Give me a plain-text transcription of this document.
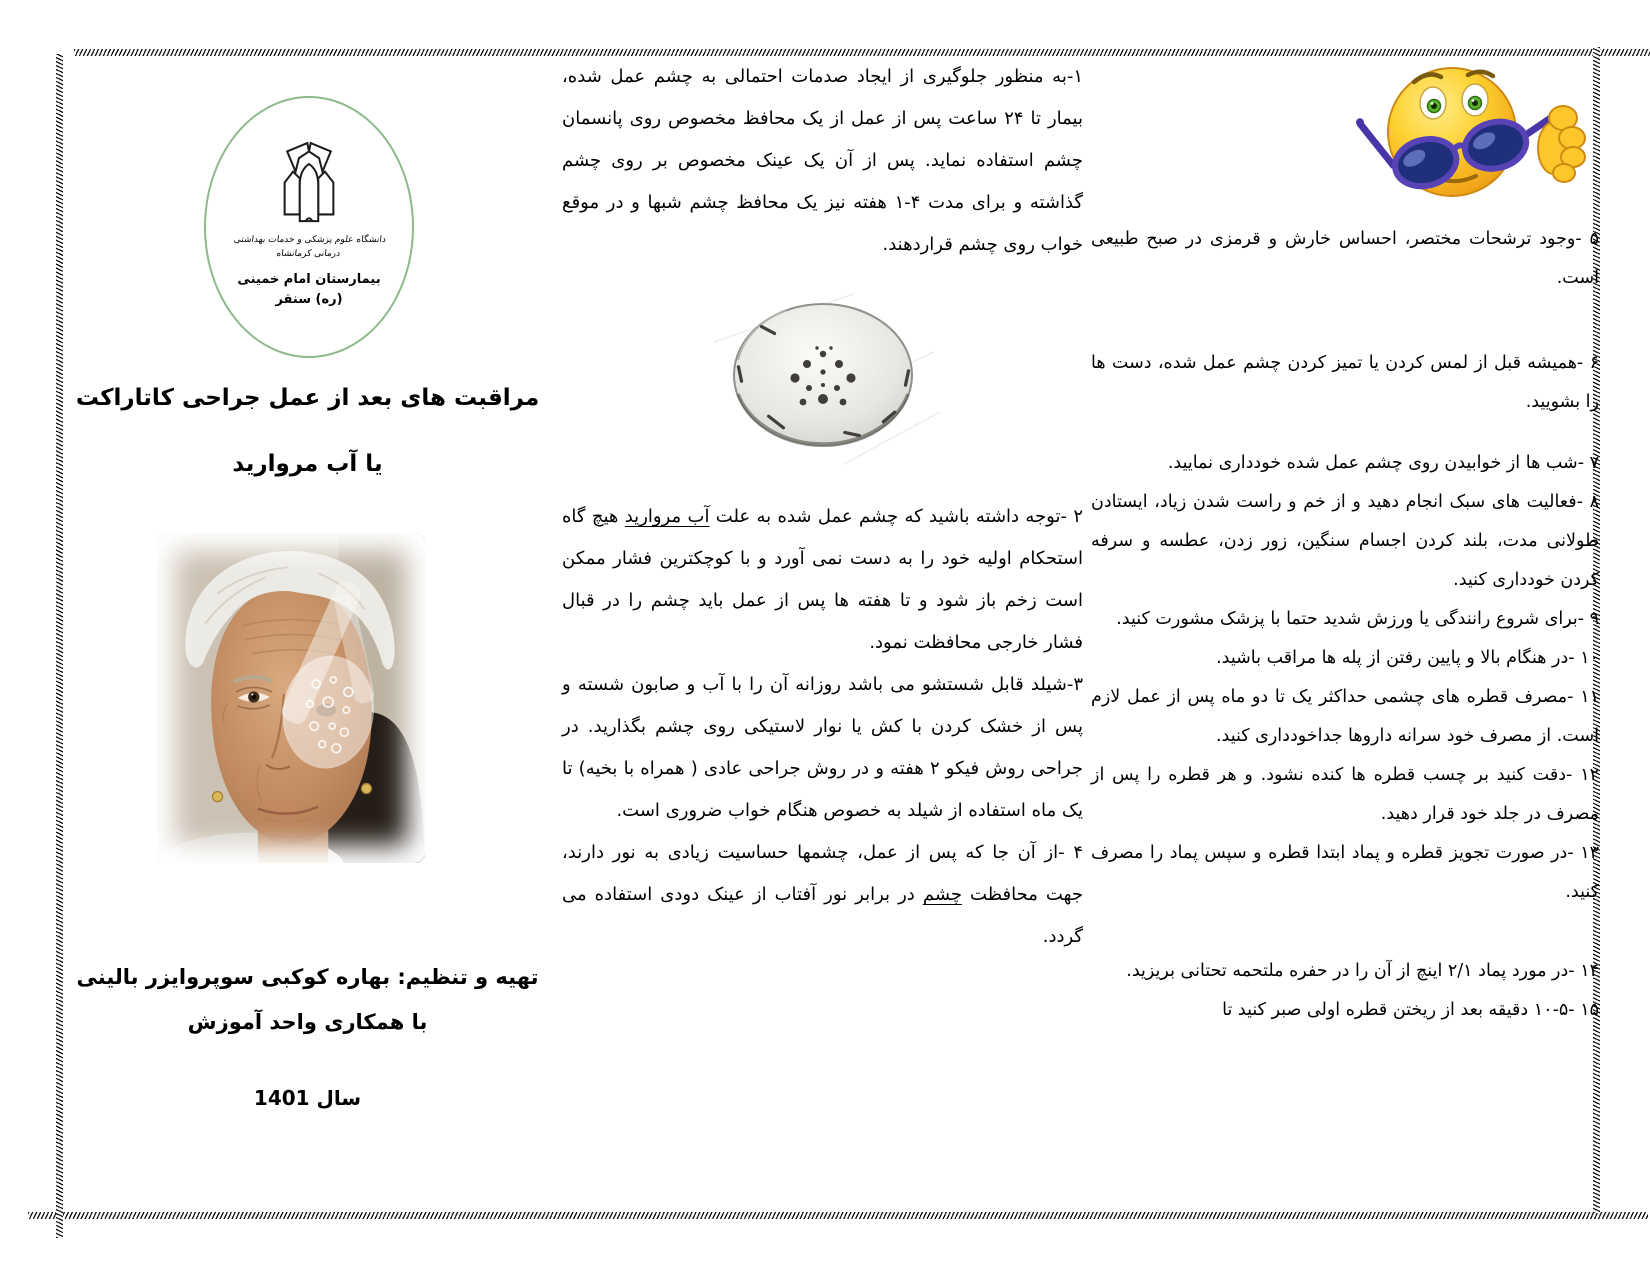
دانشگاه علوم پزشکی و خدمات بهداشتی درمانی کرمانشاه
بیمارستان امام خمینی
(ره) سنقر
مراقبت های بعد از عمل جراحی کاتاراکت
یا آب مروارید
تهیه و تنظیم: بهاره کوکبی سوپروایزر بالینی
با همکاری واحد آموزش
سال 1401

۱-به منظور جلوگیری از ایجاد صدمات احتمالی به چشم عمل شده، بیمار تا ۲۴ ساعت پس از عمل از یک محافظ مخصوص روی پانسمان چشم استفاده نماید. پس از آن یک عینک مخصوص بر روی چشم گذاشته و برای مدت ۴-۱ هفته نیز یک محافظ چشم شبها و در موقع خواب روی چشم قراردهند.

۲ -توجه داشته باشید که چشم عمل شده به علت آب مروارید هیچ گاه استحکام اولیه خود را به دست نمی آورد و با کوچکترین فشار ممکن است زخم باز شود و تا هفته ها پس از عمل باید چشم را در قبال فشار خارجی محافظت نمود.

۳-شیلد قابل شستشو می باشد روزانه آن را با آب و صابون شسته و پس از خشک کردن با کش یا نوار لاستیکی روی چشم بگذارید. در جراحی روش فیکو ۲ هفته و در روش جراحی عادی ( همراه با بخیه) تا یک ماه استفاده از شیلد به خصوص هنگام خواب ضروری است.

۴ -از آن جا که پس از عمل، چشمها حساسیت زیادی به نور دارند، جهت محافظت چشم در برابر نور آفتاب از عینک دودی استفاده می گردد.

۵ -وجود ترشحات مختصر، احساس خارش و قرمزی در صبح طبیعی است.

۶ -همیشه قبل از لمس کردن یا تمیز کردن چشم عمل شده، دست ها را بشویید.

۷ -شب ها از خوابیدن روی چشم عمل شده خودداری نمایید.

۸ -فعالیت های سبک انجام دهید و از خم و راست شدن زیاد، ایستادن طولانی مدت، بلند کردن اجسام سنگین، زور زدن، عطسه و سرفه کردن خودداری کنید.

۹ -برای شروع رانندگی یا ورزش شدید حتما با پزشک مشورت کنید.

۱۰ -در هنگام بالا و پایین رفتن از پله ها مراقب باشید.

۱۱ -مصرف قطره های چشمی حداکثر یک تا دو ماه پس از عمل لازم است. از مصرف خود سرانه داروها جداخودداری کنید.

۱۲ -دقت کنید بر چسب قطره ها کنده نشود. و هر قطره را پس از مصرف در جلد خود قرار دهید.

۱۳ -در صورت تجویز قطره و پماد ابتدا قطره و سپس پماد را مصرف کنید.

۱۴ -در مورد پماد ۲/۱ اینچ از آن را در حفره ملتحمه تحتانی بریزید.

۱۵ -۱۰-۵ دقیقه بعد از ریختن قطره اولی صبر کنید تا
